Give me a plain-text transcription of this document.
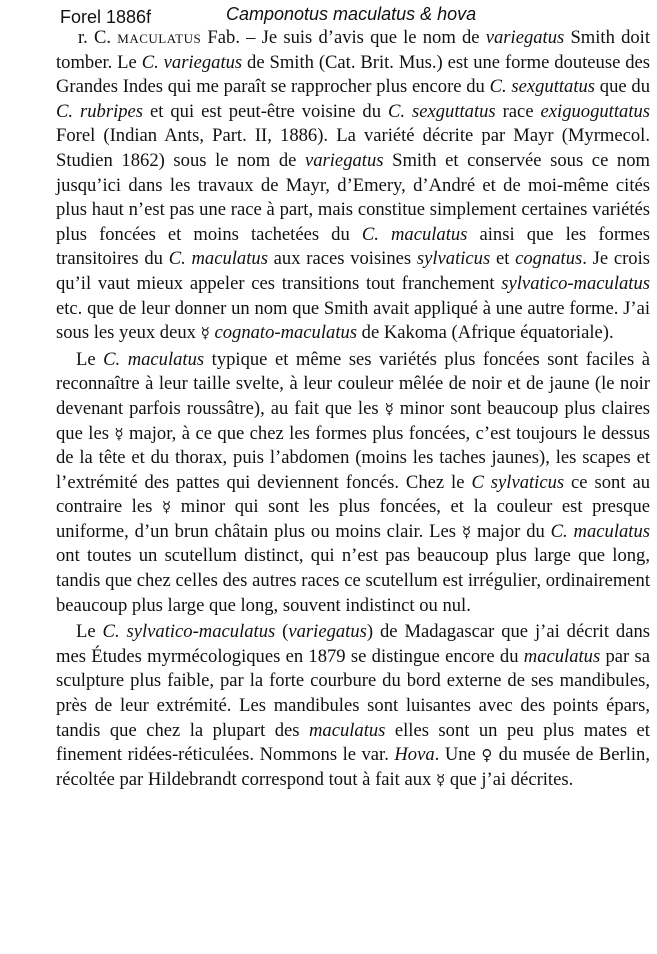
Forel 1886f	Camponotus maculatus & hova

r. C. maculatus Fab. – Je suis d’avis que le nom de variegatus Smith doit tomber. Le C. variegatus de Smith (Cat. Brit. Mus.) est une forme douteuse des Grandes Indes qui me paraît se rapprocher plus encore du C. sexguttatus que du C. rubripes et qui est peut-être voisine du C. sexguttatus race exiguoguttatus Forel (Indian Ants, Part. II, 1886). La variété décrite par Mayr (Myrmecol. Studien 1862) sous le nom de variegatus Smith et conservée sous ce nom jusqu’ici dans les travaux de Mayr, d’Emery, d’André et de moi-même cités plus haut n’est pas une race à part, mais constitue simplement certaines variétés plus foncées et moins tachetées du C. maculatus ainsi que les formes transitoires du C. maculatus aux races voisines sylvaticus et cognatus. Je crois qu’il vaut mieux appeler ces transitions tout franchement sylvatico-maculatus etc. que de leur donner un nom que Smith avait appliqué à une autre forme. J’ai sous les yeux deux ☿ cognato-maculatus de Kakoma (Afrique équatoriale).

Le C. maculatus typique et même ses variétés plus foncées sont faciles à reconnaître à leur taille svelte, à leur couleur mêlée de noir et de jaune (le noir devenant parfois roussâtre), au fait que les ☿ minor sont beaucoup plus claires que les ☿ major, à ce que chez les formes plus foncées, c’est toujours le dessus de la tête et du thorax, puis l’abdomen (moins les taches jaunes), les scapes et l’extrémité des pattes qui deviennent foncés. Chez le C sylvaticus ce sont au contraire les ☿ minor qui sont les plus foncées, et la couleur est presque uniforme, d’un brun châtain plus ou moins clair. Les ☿ major du C. maculatus ont toutes un scutellum distinct, qui n’est pas beaucoup plus large que long, tandis que chez celles des autres races ce scutellum est irrégulier, ordinairement beaucoup plus large que long, souvent indistinct ou nul.

Le C. sylvatico-maculatus (variegatus) de Madagascar que j’ai décrit dans mes Études myrmécologiques en 1879 se distingue encore du maculatus par sa sculpture plus faible, par la forte courbure du bord externe de ses mandibules, près de leur extrémité. Les mandibules sont luisantes avec des points épars, tandis que chez la plupart des maculatus elles sont un peu plus mates et finement ridées-réticulées. Nommons le var. Hova. Une ♀ du musée de Berlin, récoltée par Hildebrandt correspond tout à fait aux ☿ que j’ai décrites.
